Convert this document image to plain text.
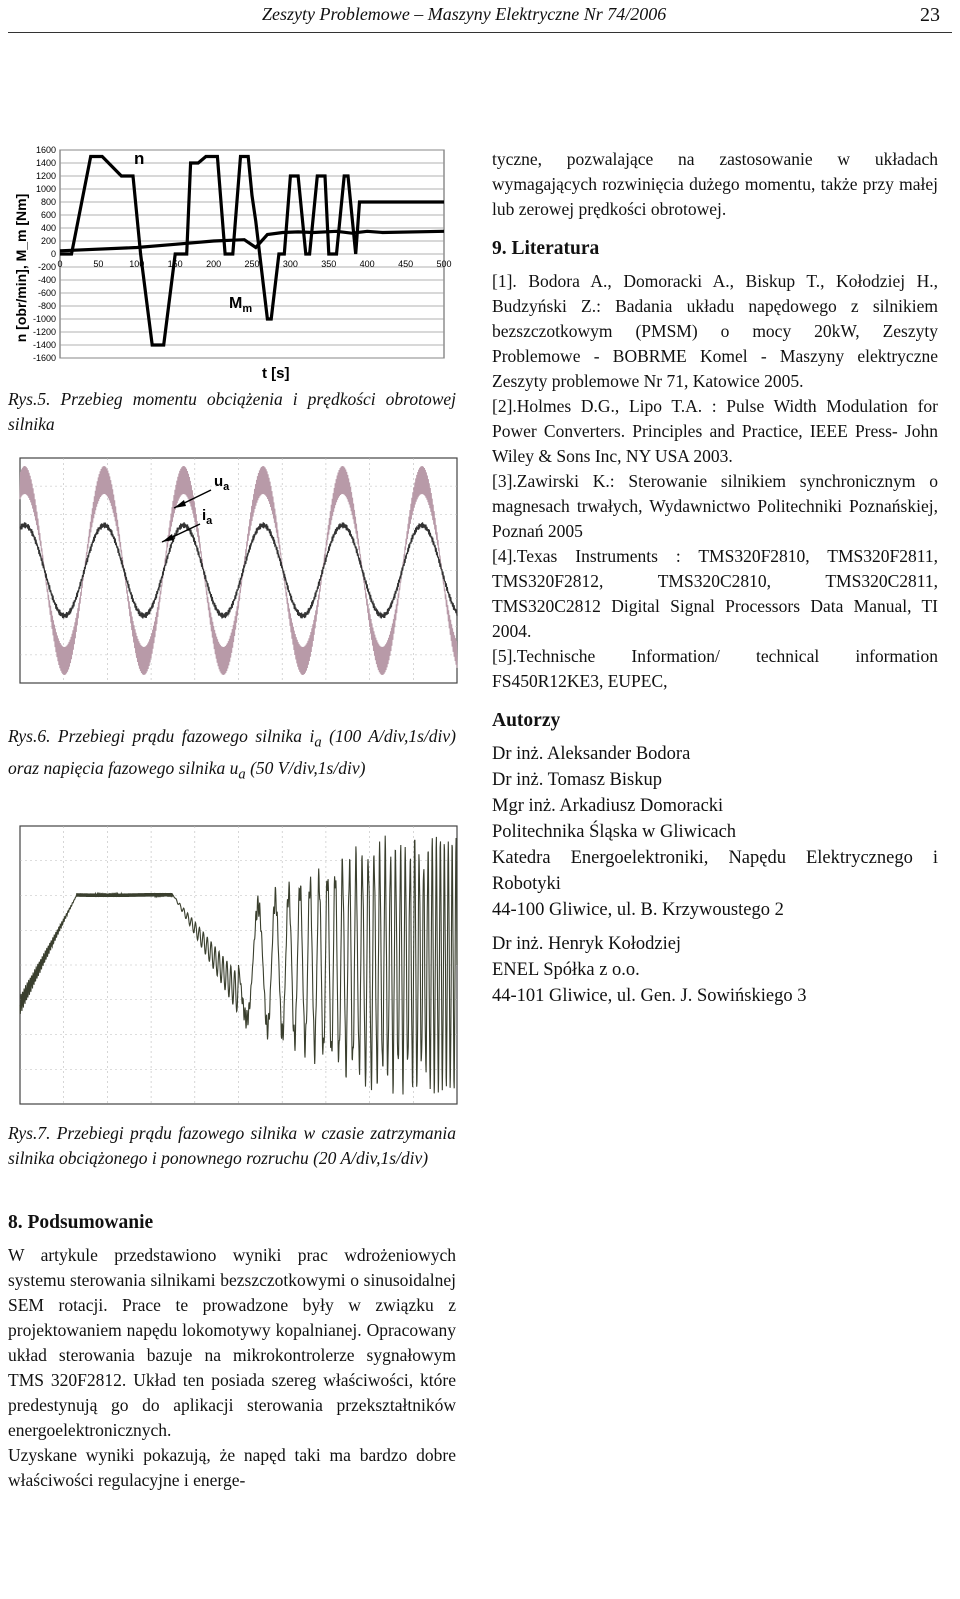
Zeszyty Problemowe – Maszyny Elektryczne Nr 74/2006	23
1600
1400
1200
1000
800
600
400
200
0
-200
-400
-600
-800
-1000
-1200
-1400
-1600
0	50	100	150	200	250	300	350	400	450	500
n [obr/min], M_m [Nm]
n
$M_m$
t [s]
Rys.5. Przebieg momentu obciążenia i prędkości obrotowej silnika
$u_a$
$i_a$
Rys.6. Przebiegi prądu fazowego silnika $i_a$ (100 A/div,1s/div) oraz napięcia fazowego silnika $u_a$ (50 V/div,1s/div)
Rys.7. Przebiegi prądu fazowego silnika w czasie zatrzymania silnika obciążonego i ponownego rozruchu (20 A/div,1s/div)
8. Podsumowanie

W artykule przedstawiono wyniki prac wdrożeniowych systemu sterowania silnikami bezszczotkowymi o sinusoidalnej SEM rotacji. Prace te prowadzone były w związku z projektowaniem napędu lokomotywy kopalnianej. Opracowany układ sterowania bazuje na mikrokontrolerze sygnałowym TMS 320F2812. Układ ten posiada szereg właściwości, które predestynują go do aplikacji sterowania przekształtników energoelektronicznych.

Uzyskane wyniki pokazują, że napęd taki ma bardzo dobre właściwości regulacyjne i energe-

tyczne, pozwalające na zastosowanie w układach wymagających rozwinięcia dużego momentu, także przy małej lub zerowej prędkości obrotowej.

9. Literatura

[1]. Bodora A., Domoracki A., Biskup T., Kołodziej H., Budzyński Z.: Badania układu napędowego z silnikiem bezszczotkowym (PMSM) o mocy 20kW, Zeszyty Problemowe - BOBRME Komel - Maszyny elektryczne Zeszyty problemowe Nr 71, Katowice 2005.

[2].Holmes D.G., Lipo T.A. : Pulse Width Modulation for Power Converters. Principles and Practice, IEEE Press- John Wiley & Sons Inc, NY USA 2003.

[3].Zawirski K.: Sterowanie silnikiem synchronicznym o magnesach trwałych, Wydawnictwo Politechniki Poznańskiej, Poznań 2005

[4].Texas Instruments : TMS320F2810, TMS320F2811, TMS320F2812, TMS320C2810, TMS320C2811, TMS320C2812 Digital Signal Processors Data Manual, TI 2004.

[5].Technische Information/ technical information FS450R12KE3, EUPEC,

Autorzy
Dr inż. Aleksander Bodora
Dr inż. Tomasz Biskup
Mgr inż. Arkadiusz Domoracki
Politechnika Śląska w Gliwicach
Katedra Energoelektroniki, Napędu Elektrycznego i Robotyki
44-100 Gliwice, ul. B. Krzywoustego 2
Dr inż. Henryk Kołodziej
ENEL Spółka z o.o.
44-101 Gliwice, ul. Gen. J. Sowińskiego 3
